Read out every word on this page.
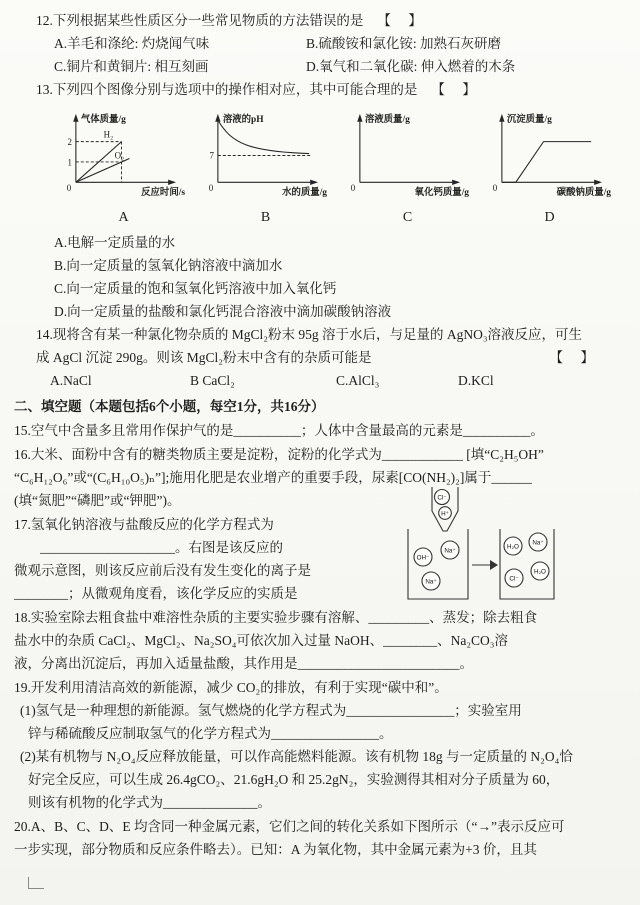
12.下列根据某些性质区分一些常见物质的方法错误的是 【　】
A.羊毛和涤纶: 灼烧闻气味	B.硫酸铵和氯化铵: 加熟石灰研磨
C.铜片和黄铜片: 相互刻画	D.氧气和二氧化碳: 伸入燃着的木条
13.下列四个图像分别与选项中的操作相对应，其中可能合理的是 【　】
气体质量/g
反应时间/s
2
1
0
H₂
O₂
A
溶液的pH
水的质量/g
7
0
B
溶液质量/g
氧化钙质量/g
0
C
沉淀质量/g
碳酸钠质量/g
0
D
A.电解一定质量的水
B.向一定质量的氢氧化钠溶液中滴加水
C.向一定质量的饱和氢氧化钙溶液中加入氧化钙
D.向一定质量的盐酸和氯化钙混合溶液中滴加碳酸钠溶液
14.现将含有某一种氯化物杂质的 MgCl₂粉末 95g 溶于水后，与足量的 AgNO₃溶液反应，可生
成 AgCl 沉淀 290g。则该 MgCl₂粉末中含有的杂质可能是	【　】
A.NaCl	B CaCl₂	C.AlCl₃	D.KCl
二、填空题（本题包括6个小题，每空1分，共16分）
15.空气中含量多且常用作保护气的是__________；人体中含量最高的元素是__________。
16.大米、面粉中含有的糖类物质主要是淀粉，淀粉的化学式为____________ [填“C₂H₅OH”
“C₆H₁₂O₆”或“(C₆H₁₀O₅)ₙ”];施用化肥是农业增产的重要手段，尿素[CO(NH₂)₂]属于______
(填“氮肥”“磷肥”或“钾肥”)。
17.氢氧化钠溶液与盐酸反应的化学方程式为
____________________。右图是该反应的
微观示意图，则该反应前后没有发生变化的离子是
________；从微观角度看，该化学反应的实质是
Cl⁻
H⁺
OH⁻
Na⁺
Na⁺
H₂O
Na⁺
H₂O
Cl⁻
18.实验室除去粗食盐中难溶性杂质的主要实验步骤有溶解、_________、蒸发；除去粗食
盐水中的杂质 CaCl₂、MgCl₂、Na₂SO₄可依次加入过量 NaOH、________、Na₂CO₃溶
液，分离出沉淀后，再加入适量盐酸，其作用是________________________。
19.开发利用清洁高效的新能源，减少 CO₂的排放，有利于实现“碳中和”。
(1)氢气是一种理想的新能源。氢气燃烧的化学方程式为________________；实验室用
锌与稀硫酸反应制取氢气的化学方程式为________________。
(2)某有机物与 N₂O₄反应释放能量，可以作高能燃料能源。该有机物 18g 与一定质量的 N₂O₄恰
好完全反应，可以生成 26.4gCO₂、21.6gH₂O 和 25.2gN₂，实验测得其相对分子质量为 60，
则该有机物的化学式为______________。
20.A、B、C、D、E 均含同一种金属元素，它们之间的转化关系如下图所示（“→”表示反应可
一步实现，部分物质和反应条件略去）。已知：A 为氧化物，其中金属元素为+3 价，且其
